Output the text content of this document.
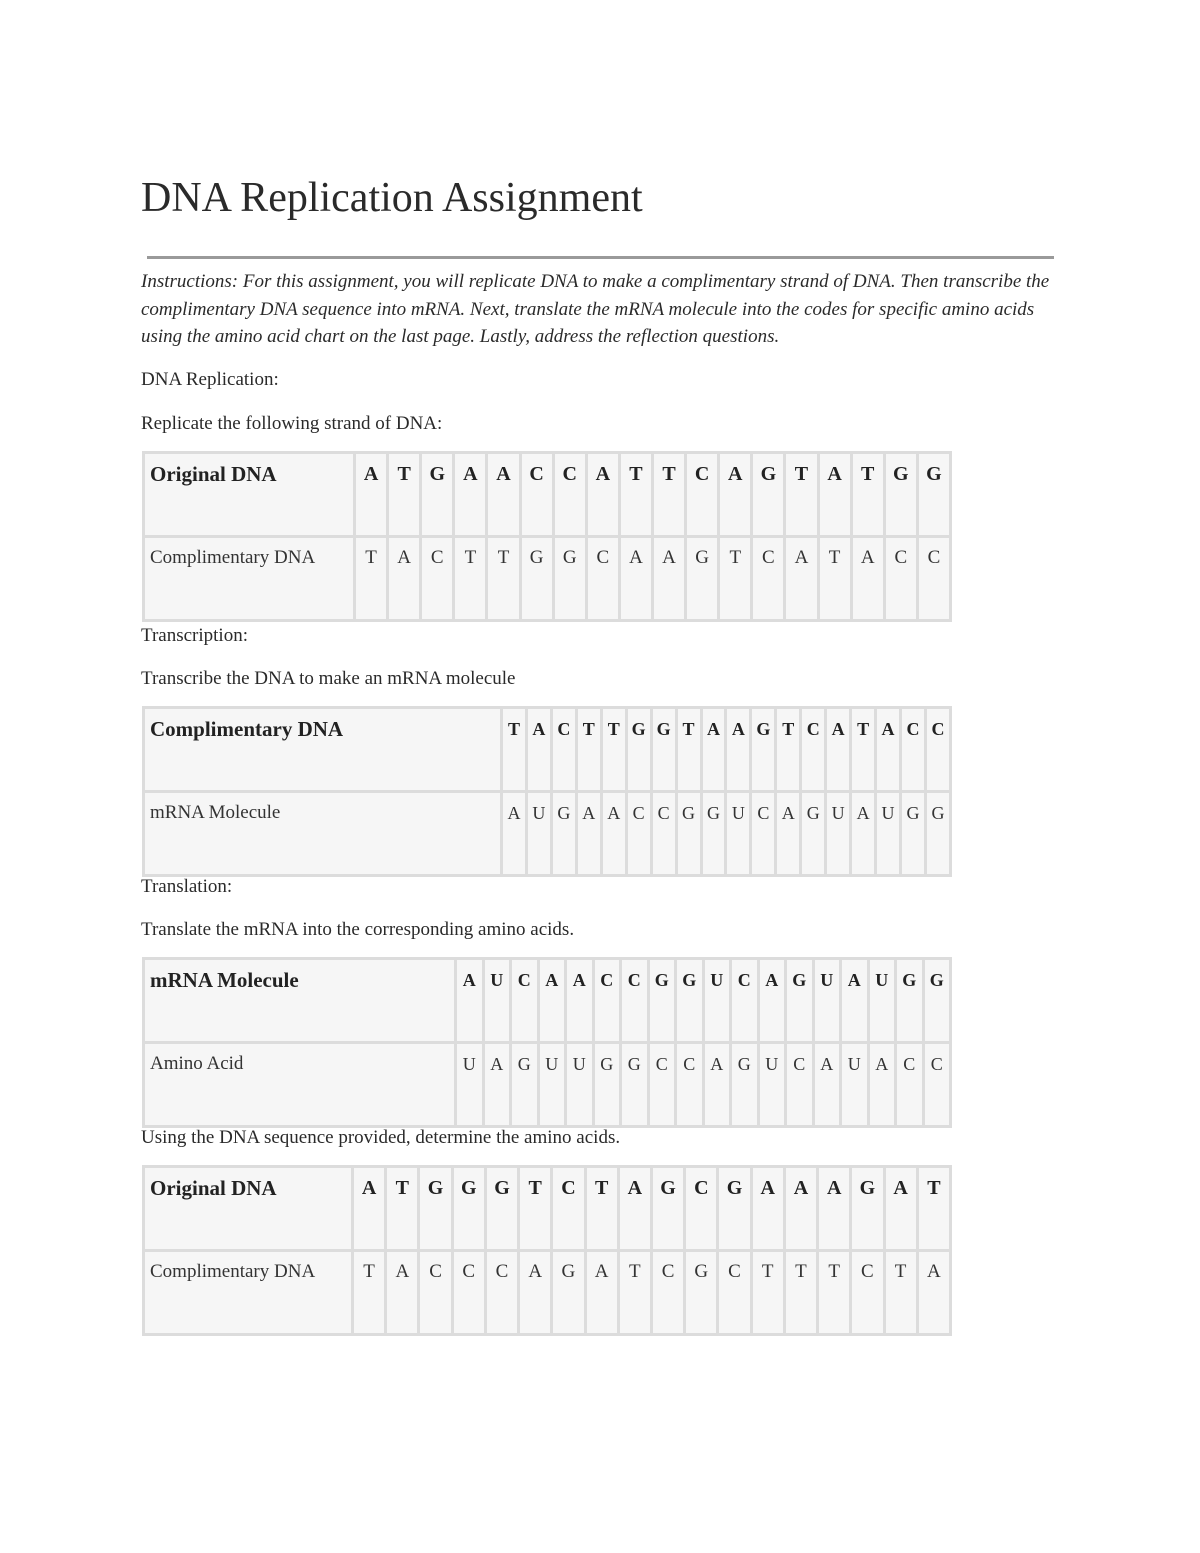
DNA Replication Assignment

Instructions: For this assignment, you will replicate DNA to make a complimentary strand of DNA. Then transcribe the complimentary DNA sequence into mRNA. Next, translate the mRNA molecule into the codes for specific amino acids using the amino acid chart on the last page. Lastly, address the reflection questions.

DNA Replication:

Replicate the following strand of DNA:

Original DNA	A	T	G	A	A	C	C	A	T	T	C	A	G	T	A	T	G	G
Complimentary DNA	T	A	C	T	T	G	G	C	A	A	G	T	C	A	T	A	C	C

Transcription:

Transcribe the DNA to make an mRNA molecule

Complimentary DNA	T	A	C	T	T	G	G	T	A	A	G	T	C	A	T	A	C	C
mRNA Molecule	A	U	G	A	A	C	C	G	G	U	C	A	G	U	A	U	G	G

Translation:

Translate the mRNA into the corresponding amino acids.

mRNA Molecule	A	U	C	A	A	C	C	G	G	U	C	A	G	U	A	U	G	G
Amino Acid	U	A	G	U	U	G	G	C	C	A	G	U	C	A	U	A	C	C

Using the DNA sequence provided, determine the amino acids.

Original DNA	A	T	G	G	G	T	C	T	A	G	C	G	A	A	A	G	A	T
Complimentary DNA	T	A	C	C	C	A	G	A	T	C	G	C	T	T	T	C	T	A
